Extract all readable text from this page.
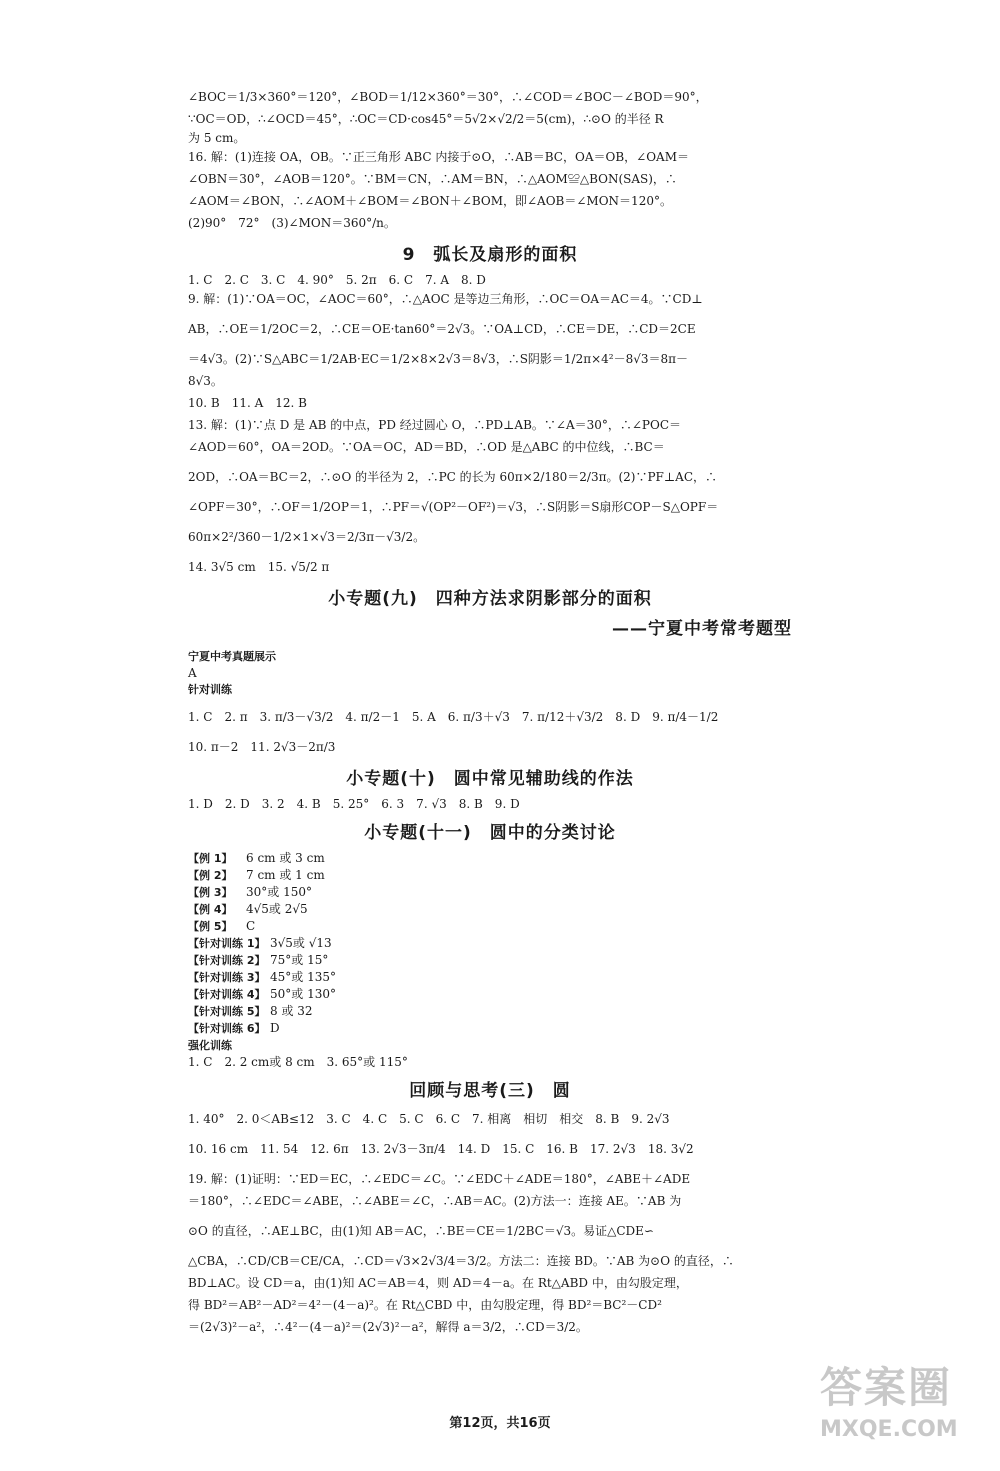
∠BOC＝1/3×360°＝120°，∠BOD＝1/12×360°＝30°，∴∠COD＝∠BOC－∠BOD＝90°，

∵OC＝OD，∴∠OCD＝45°，∴OC＝CD·cos45°＝5√2×√2/2＝5(cm)，∴⊙O 的半径 R

为 5 cm。

16. 解：(1)连接 OA，OB。∵正三角形 ABC 内接于⊙O，∴AB＝BC，OA＝OB，∠OAM＝

∠OBN＝30°，∠AOB＝120°。∵BM＝CN，∴AM＝BN，∴△AOM≌△BON(SAS)，∴

∠AOM＝∠BON，∴∠AOM＋∠BOM＝∠BON＋∠BOM，即∠AOB＝∠MON＝120°。

(2)90°　72°　(3)∠MON＝360°/n。

9　弧长及扇形的面积

1. C　2. C　3. C　4. 90°　5. 2π　6. C　7. A　8. D

9. 解：(1)∵OA＝OC，∠AOC＝60°，∴△AOC 是等边三角形，∴OC＝OA＝AC＝4。∵CD⊥

AB，∴OE＝1/2OC＝2，∴CE＝OE·tan60°＝2√3。∵OA⊥CD，∴CE＝DE，∴CD＝2CE

＝4√3。(2)∵S△ABC＝1/2AB·EC＝1/2×8×2√3＝8√3，∴S阴影＝1/2π×4²－8√3＝8π－

8√3。

10. B　11. A　12. B

13. 解：(1)∵点 D 是 AB 的中点，PD 经过圆心 O，∴PD⊥AB。∵∠A＝30°，∴∠POC＝

∠AOD＝60°，OA＝2OD。∵OA＝OC，AD＝BD，∴OD 是△ABC 的中位线，∴BC＝

2OD，∴OA＝BC＝2，∴⊙O 的半径为 2，∴PC 的长为 60π×2/180＝2/3π。(2)∵PF⊥AC，∴

∠OPF＝30°，∴OF＝1/2OP＝1，∴PF＝√(OP²－OF²)＝√3，∴S阴影＝S扇形COP－S△OPF＝

60π×2²/360－1/2×1×√3＝2/3π－√3/2。

14. 3√5 cm　15. √5/2 π

小专题(九)　四种方法求阴影部分的面积
——宁夏中考常考题型
宁夏中考真题展示

A

针对训练

1. C　2. π　3. π/3－√3/2　4. π/2－1　5. A　6. π/3＋√3　7. π/12＋√3/2　8. D　9. π/4－1/2

10. π－2　11. 2√3－2π/3

小专题(十)　圆中常见辅助线的作法

1. D　2. D　3. 2　4. B　5. 25°　6. 3　7. √3　8. B　9. D

小专题(十一)　圆中的分类讨论
【例 1】	6 cm 或 3 cm
【例 2】	7 cm 或 1 cm
【例 3】	30°或 150°
【例 4】	4√5或 2√5
【例 5】	C
【针对训练 1】 3√5或 √13
【针对训练 2】 75°或 15°
【针对训练 3】 45°或 135°
【针对训练 4】 50°或 130°
【针对训练 5】 8 或 32
【针对训练 6】 D
强化训练

1. C　2. 2 cm或 8 cm　3. 65°或 115°

回顾与思考(三)　圆

1. 40°　2. 0＜AB≤12　3. C　4. C　5. C　6. C　7. 相离　相切　相交　8. B　9. 2√3

10. 16 cm　11. 54　12. 6π　13. 2√3－3π/4　14. D　15. C　16. B　17. 2√3　18. 3√2

19. 解：(1)证明：∵ED＝EC，∴∠EDC＝∠C。∵∠EDC＋∠ADE＝180°，∠ABE＋∠ADE

＝180°，∴∠EDC＝∠ABE，∴∠ABE＝∠C，∴AB＝AC。(2)方法一：连接 AE。∵AB 为

⊙O 的直径，∴AE⊥BC，由(1)知 AB＝AC，∴BE＝CE＝1/2BC＝√3。易证△CDE∽

△CBA，∴CD/CB＝CE/CA，∴CD＝√3×2√3/4＝3/2。方法二：连接 BD。∵AB 为⊙O 的直径，∴

BD⊥AC。设 CD＝a，由(1)知 AC＝AB＝4，则 AD＝4－a。在 Rt△ABD 中，由勾股定理，

得 BD²＝AB²－AD²＝4²－(4－a)²。在 Rt△CBD 中，由勾股定理，得 BD²＝BC²－CD²

＝(2√3)²－a²，∴4²－(4－a)²＝(2√3)²－a²，解得 a＝3/2，∴CD＝3/2。

第12页，共16页
答案圈
MXQE.COM
